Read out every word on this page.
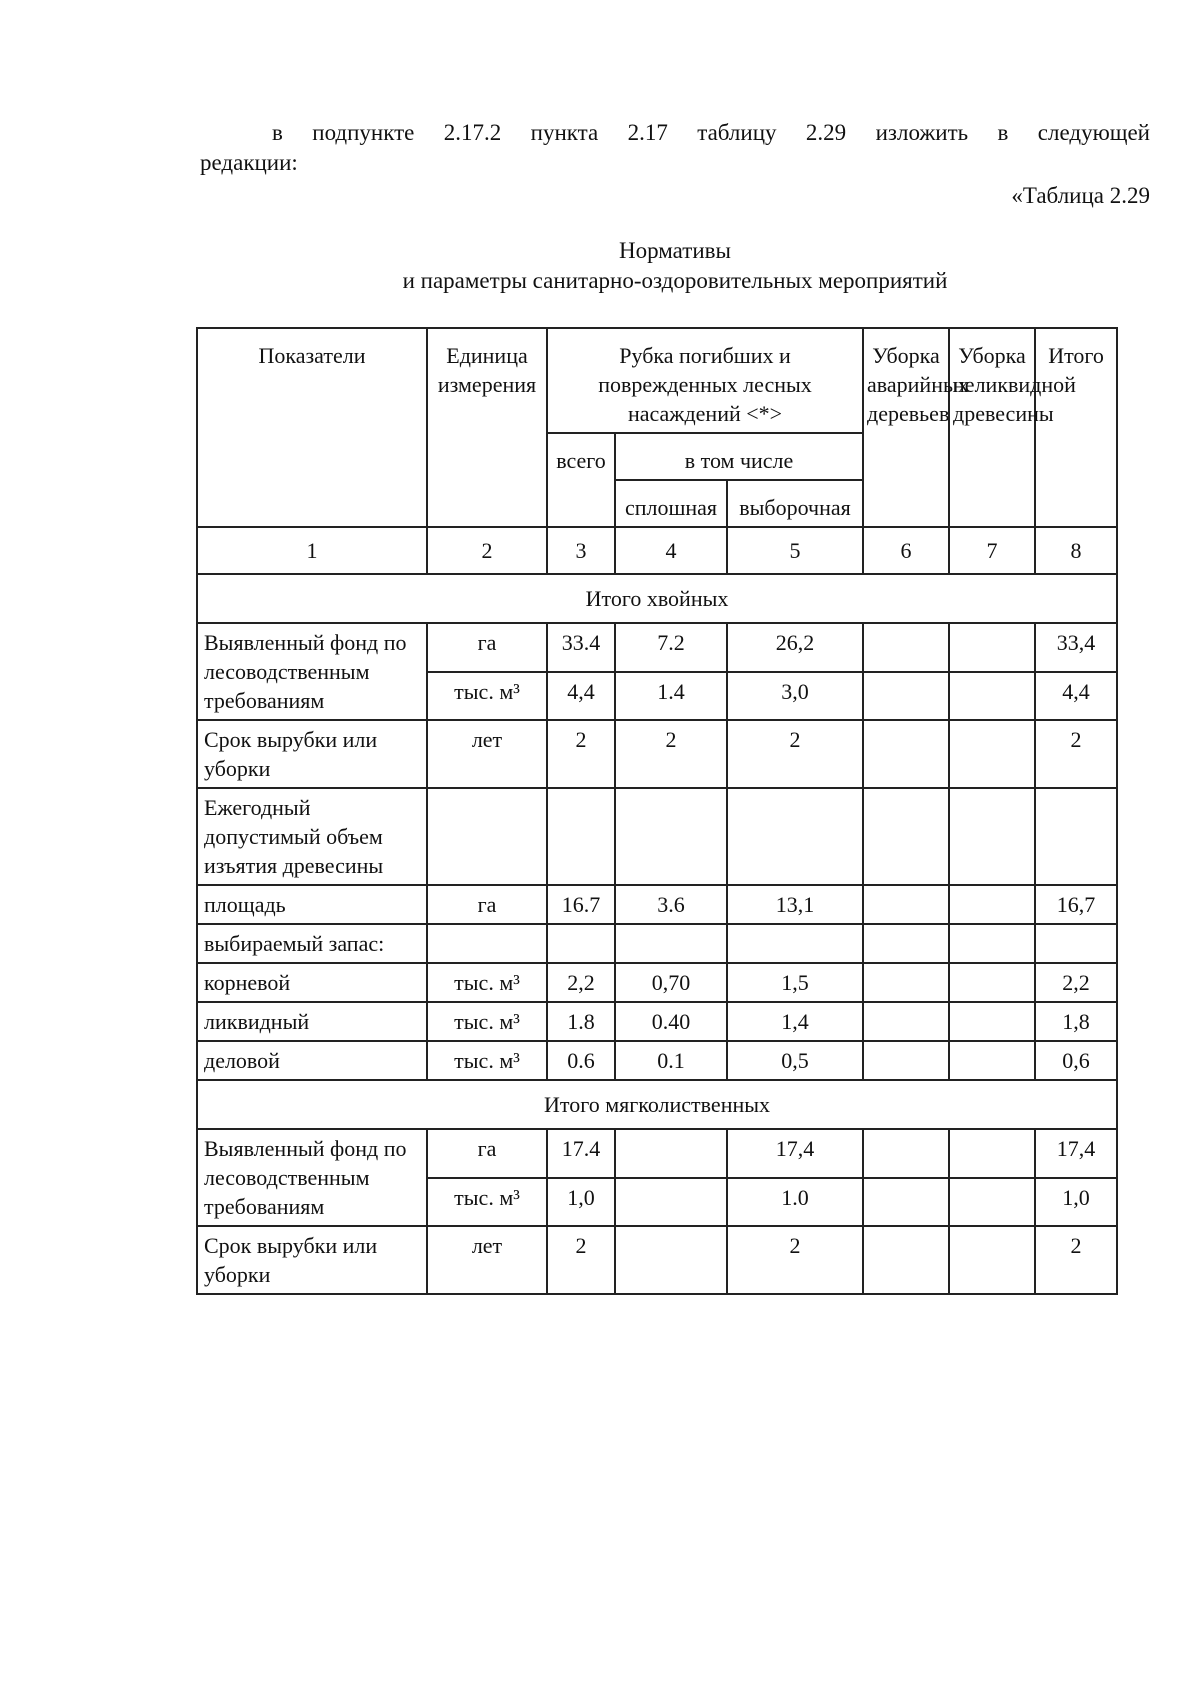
в подпункте 2.17.2 пункта 2.17 таблицу 2.29 изложить в следующей
редакции:
«Таблица 2.29
Нормативы
и параметры санитарно-оздоровительных мероприятий
Показатели	Единица измерения	Рубка погибших и поврежденных лесных насаждений <*>			Уборка аварийных деревьев	Уборка неликвидной древесины	Итого
		всего	в том числе				
			сплошная	выборочная			
1	2	3	4	5	6	7	8
Итого хвойных							
Выявленный фонд по лесоводственным требованиям	га	33.4	7.2	26,2			33,4
	тыс. м³	4,4	1.4	3,0			4,4
Срок вырубки или уборки	лет	2	2	2			2
Ежегодный допустимый объем изъятия древесины							
площадь	га	16.7	3.6	13,1			16,7
выбираемый запас:							
корневой	тыс. м³	2,2	0,70	1,5			2,2
ликвидный	тыс. м³	1.8	0.40	1,4			1,8
деловой	тыс. м³	0.6	0.1	0,5			0,6
Итого мягколиственных							
Выявленный фонд по лесоводственным требованиям	га	17.4		17,4			17,4
	тыс. м³	1,0		1.0			1,0
Срок вырубки или уборки	лет	2		2			2
